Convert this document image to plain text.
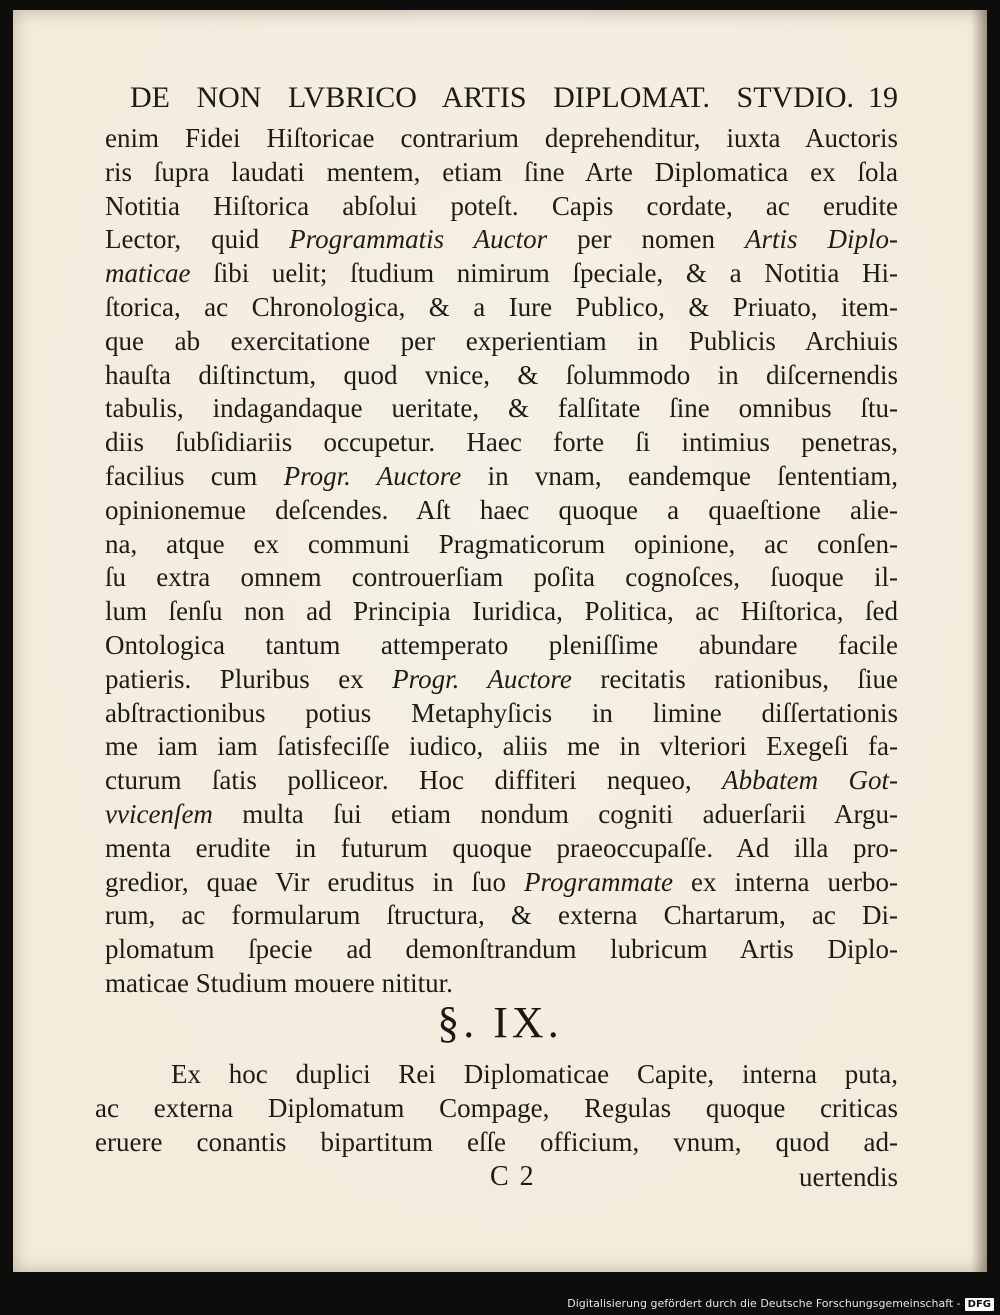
DE NON LVBRICO ARTIS DIPLOMAT. STVDIO. 19
enim Fidei Hiſtoricae contrarium deprehenditur, iuxta Auctoris
ris ſupra laudati mentem, etiam ſine Arte Diplomatica ex ſola
Notitia Hiſtorica abſolui poteſt. Capis cordate, ac erudite
Lector, quid Programmatis Auctor per nomen Artis Diplo-
maticae ſibi uelit; ſtudium nimirum ſpeciale, & a Notitia Hi-
ſtorica, ac Chronologica, & a Iure Publico, & Priuato, item-
que ab exercitatione per experientiam in Publicis Archiuis
hauſta diſtinctum, quod vnice, & ſolummodo in diſcernendis
tabulis, indagandaque ueritate, & falſitate ſine omnibus ſtu-
diis ſubſidiariis occupetur. Haec forte ſi intimius penetras,
facilius cum Progr. Auctore in vnam, eandemque ſententiam,
opinionemue deſcendes. Aſt haec quoque a quaeſtione alie-
na, atque ex communi Pragmaticorum opinione, ac conſen-
ſu extra omnem controuerſiam poſita cognoſces, ſuoque il-
lum ſenſu non ad Principia Iuridica, Politica, ac Hiſtorica, ſed
Ontologica tantum attemperato pleniſſime abundare facile
patieris. Pluribus ex Progr. Auctore recitatis rationibus, ſiue
abſtractionibus potius Metaphyſicis in limine diſſertationis
me iam iam ſatisfeciſſe iudico, aliis me in vlteriori Exegeſi fa-
cturum ſatis polliceor. Hoc diffiteri nequeo, Abbatem Got-
vvicenſem multa ſui etiam nondum cogniti aduerſarii Argu-
menta erudite in futurum quoque praeoccupaſſe. Ad illa pro-
gredior, quae Vir eruditus in ſuo Programmate ex interna uerbo-
rum, ac formularum ſtructura, & externa Chartarum, ac Di-
plomatum ſpecie ad demonſtrandum lubricum Artis Diplo-
maticae Studium mouere nititur.
§. IX.
Ex hoc duplici Rei Diplomaticae Capite, interna puta,
ac externa Diplomatum Compage, Regulas quoque criticas
eruere conantis bipartitum eſſe officium, vnum, quod ad-
C 2	uertendis
Digitalisierung gefördert durch die Deutsche Forschungsgemeinschaft - DFG
